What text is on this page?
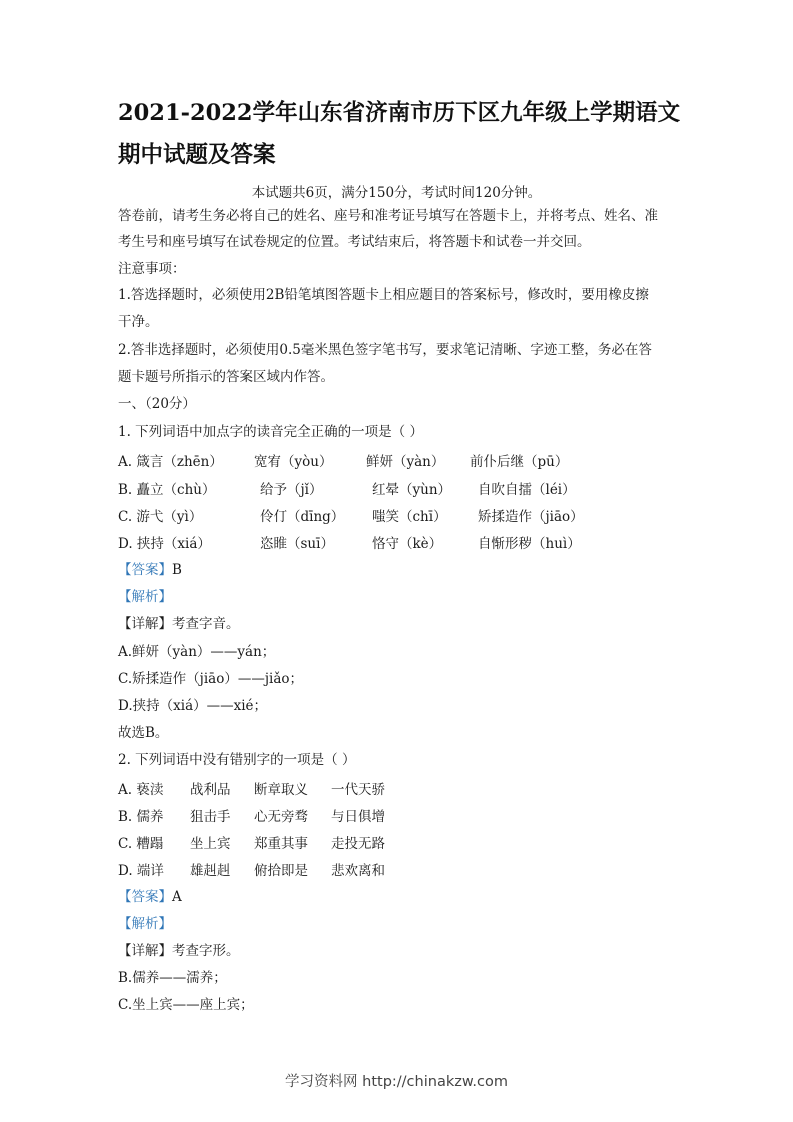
2021-2022学年山东省济南市历下区九年级上学期语文期中试题及答案
本试题共6页，满分150分，考试时间120分钟。
答卷前，请考生务必将自己的姓名、座号和准考证号填写在答题卡上，并将考点、姓名、准
考生号和座号填写在试卷规定的位置。考试结束后，将答题卡和试卷一并交回。
注意事项：
1.答选择题时，必须使用2B铅笔填图答题卡上相应题目的答案标号，修改时，要用橡皮擦
干净。
2.答非选择题时，必须使用0.5毫米黑色签字笔书写，要求笔记清晰、字迹工整，务必在答
题卡题号所指示的答案区域内作答。
一、（20分）
1. 下列词语中加点字的读音完全正确的一项是（ ）
A. 箴言（zhēn） 宽宥（yòu） 鲜妍（yàn） 前仆后继（pū）
B. 矗立（chù）	给予（jǐ）	红晕（yùn） 自吹自擂（léi）
C. 游弋（yì）	伶仃（dīng） 嗤笑（chī） 矫揉造作（jiāo）
D. 挟持（xiá）	恣睢（suī）	恪守（kè）	自惭形秽（huì）
【答案】B
【解析】
【详解】考查字音。
A.鲜妍（yàn）——yán；
C.矫揉造作（jiāo）——jiǎo；
D.挟持（xiá）——xié；
故选B。
2. 下列词语中没有错别字的一项是（ ）
A. 亵渎 战利品 断章取义 一代天骄
B. 儒养 狙击手 心无旁骛 与日俱增
C. 糟蹋 坐上宾 郑重其事 走投无路
D. 端详 雄赳赳 俯拾即是 悲欢离和
【答案】A
【解析】
【详解】考查字形。
B.儒养——濡养；
C.坐上宾——座上宾；
学习资料网 http://chinakzw.com
